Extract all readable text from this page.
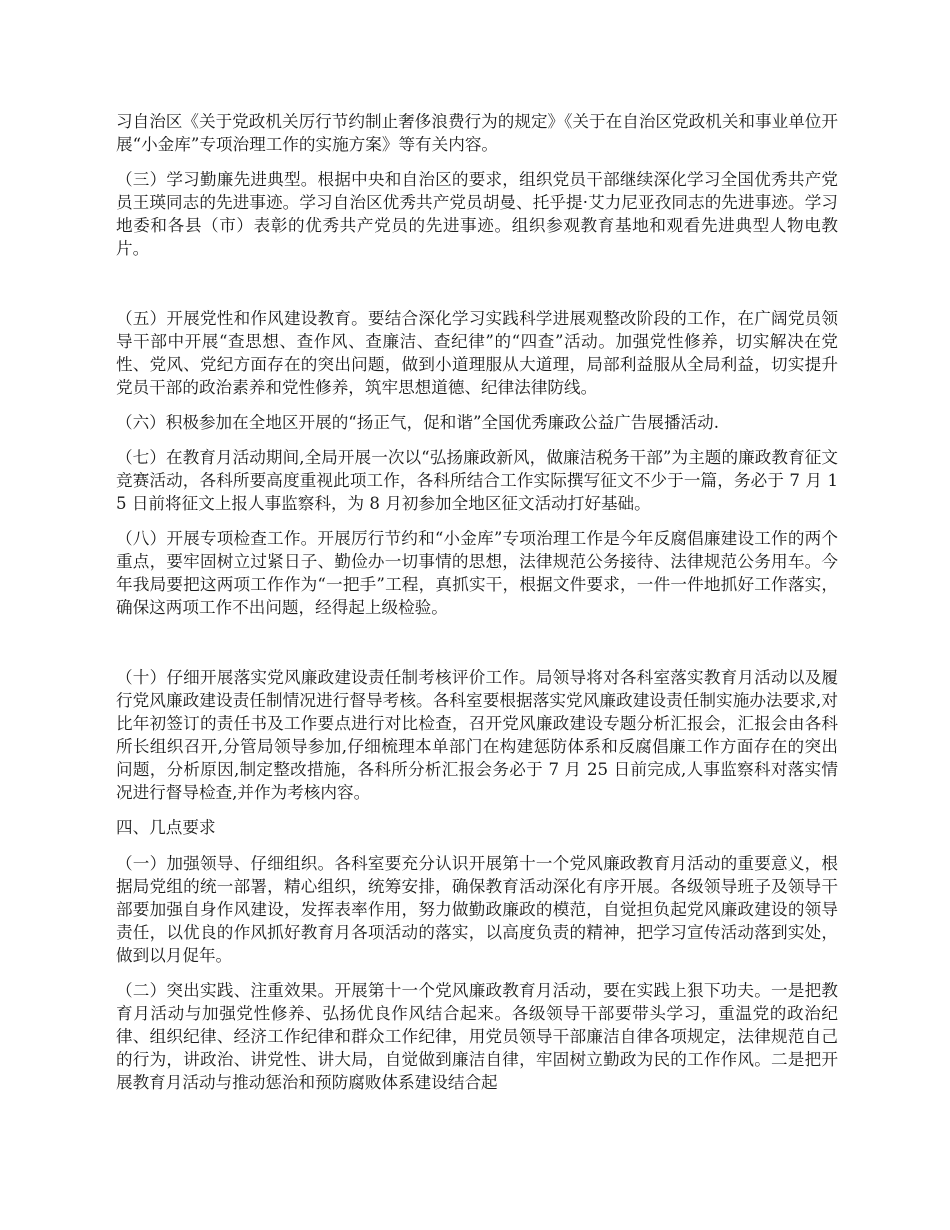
习自治区《关于党政机关厉行节约制止奢侈浪费行为的规定》《关于在自治区党政机关和事业单位开展“小金库”专项治理工作的实施方案》等有关内容。

（三）学习勤廉先进典型。根据中央和自治区的要求，组织党员干部继续深化学习全国优秀共产党员王瑛同志的先进事迹。学习自治区优秀共产党员胡曼、托乎提·艾力尼亚孜同志的先进事迹。学习地委和各县（市）表彰的优秀共产党员的先进事迹。组织参观教育基地和观看先进典型人物电教片。

（五）开展党性和作风建设教育。要结合深化学习实践科学进展观整改阶段的工作，在广阔党员领导干部中开展“查思想、查作风、查廉洁、查纪律”的“四查”活动。加强党性修养，切实解决在党性、党风、党纪方面存在的突出问题，做到小道理服从大道理，局部利益服从全局利益，切实提升党员干部的政治素养和党性修养，筑牢思想道德、纪律法律防线。

（六）积极参加在全地区开展的“扬正气，促和谐”全国优秀廉政公益广告展播活动.

（七）在教育月活动期间,全局开展一次以“弘扬廉政新风，做廉洁税务干部”为主题的廉政教育征文竞赛活动，各科所要高度重视此项工作，各科所结合工作实际撰写征文不少于一篇，务必于 7 月 15 日前将征文上报人事监察科，为 8 月初参加全地区征文活动打好基础。

（八）开展专项检查工作。开展厉行节约和“小金库”专项治理工作是今年反腐倡廉建设工作的两个重点，要牢固树立过紧日子、勤俭办一切事情的思想，法律规范公务接待、法律规范公务用车。今年我局要把这两项工作作为“一把手”工程，真抓实干，根据文件要求，一件一件地抓好工作落实，确保这两项工作不出问题，经得起上级检验。

（十）仔细开展落实党风廉政建设责任制考核评价工作。局领导将对各科室落实教育月活动以及履行党风廉政建设责任制情况进行督导考核。各科室要根据落实党风廉政建设责任制实施办法要求,对比年初签订的责任书及工作要点进行对比检查，召开党风廉政建设专题分析汇报会，汇报会由各科所长组织召开,分管局领导参加,仔细梳理本单部门在构建惩防体系和反腐倡廉工作方面存在的突出问题，分析原因,制定整改措施，各科所分析汇报会务必于 7 月 25 日前完成,人事监察科对落实情况进行督导检查,并作为考核内容。

四、几点要求

（一）加强领导、仔细组织。各科室要充分认识开展第十一个党风廉政教育月活动的重要意义，根据局党组的统一部署，精心组织，统筹安排，确保教育活动深化有序开展。各级领导班子及领导干部要加强自身作风建设，发挥表率作用，努力做勤政廉政的模范，自觉担负起党风廉政建设的领导责任，以优良的作风抓好教育月各项活动的落实，以高度负责的精神，把学习宣传活动落到实处，做到以月促年。

（二）突出实践、注重效果。开展第十一个党风廉政教育月活动，要在实践上狠下功夫。一是把教育月活动与加强党性修养、弘扬优良作风结合起来。各级领导干部要带头学习，重温党的政治纪律、组织纪律、经济工作纪律和群众工作纪律，用党员领导干部廉洁自律各项规定，法律规范自己的行为，讲政治、讲党性、讲大局，自觉做到廉洁自律，牢固树立勤政为民的工作作风。二是把开展教育月活动与推动惩治和预防腐败体系建设结合起
